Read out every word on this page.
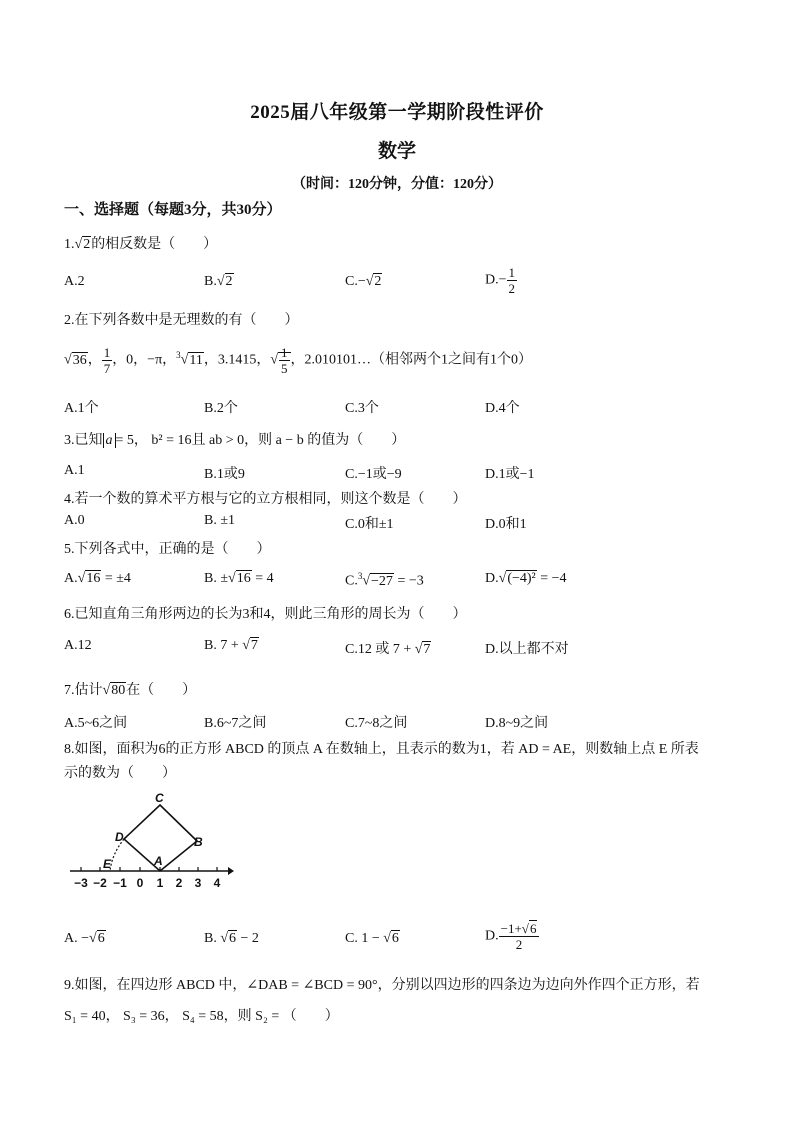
2025届八年级第一学期阶段性评价
数学
（时间：120分钟，分值：120分）
一、选择题（每题3分，共30分）
1.√2的相反数是（　　）
A.2	B.√2	C.−√2	$D.- \frac{1}{2}$
2.在下列各数中是无理数的有（　　）
√36， $\frac{1}{7}$ ，0，−π，$^3$√11，3.1415，√ $\frac{1}{5}$ ，2.010101…（相邻两个1之间有1个0）
A.1个	B.2个	C.3个	D.4个
3.已知 a = 5， b² = 16且 ab > 0，则 a − b 的值为（　　）
A.1	B.1或9	C.−1或−9	D.1或−1
4.若一个数的算术平方根与它的立方根相同，则这个数是（　　）
A.0	B. ±1	C.0和±1	D.0和1
5.下列各式中，正确的是（　　）
A.√16 = ±4	B. ±√16 = 4	C.$^3$√−27 = −3	D.√(−4)² = −4
6.已知直角三角形两边的长为3和4，则此三角形的周长为（　　）
A.12	B. 7 + √7	C.12 或 7 + √7	D.以上都不对
7.估计√80在（　　）
A.5~6之间	B.6~7之间	C.7~8之间	D.8~9之间
8.如图，面积为6的正方形 ABCD 的顶点 A 在数轴上，且表示的数为1，若 AD = AE，则数轴上点 E 所表
示的数为（　　）
C
D	B
E	A
−3 −2 −1 0 1 2 3 4
A. −√6	B. √6 − 2	C. 1 − √6	D. $\frac{-1+√6}{2}$
9.如图，在四边形 ABCD 中，∠DAB = ∠BCD = 90°，分别以四边形的四条边为边向外作四个正方形，若
S₁ = 40， S₃ = 36， S₄ = 58，则 S₂ = （　　）
